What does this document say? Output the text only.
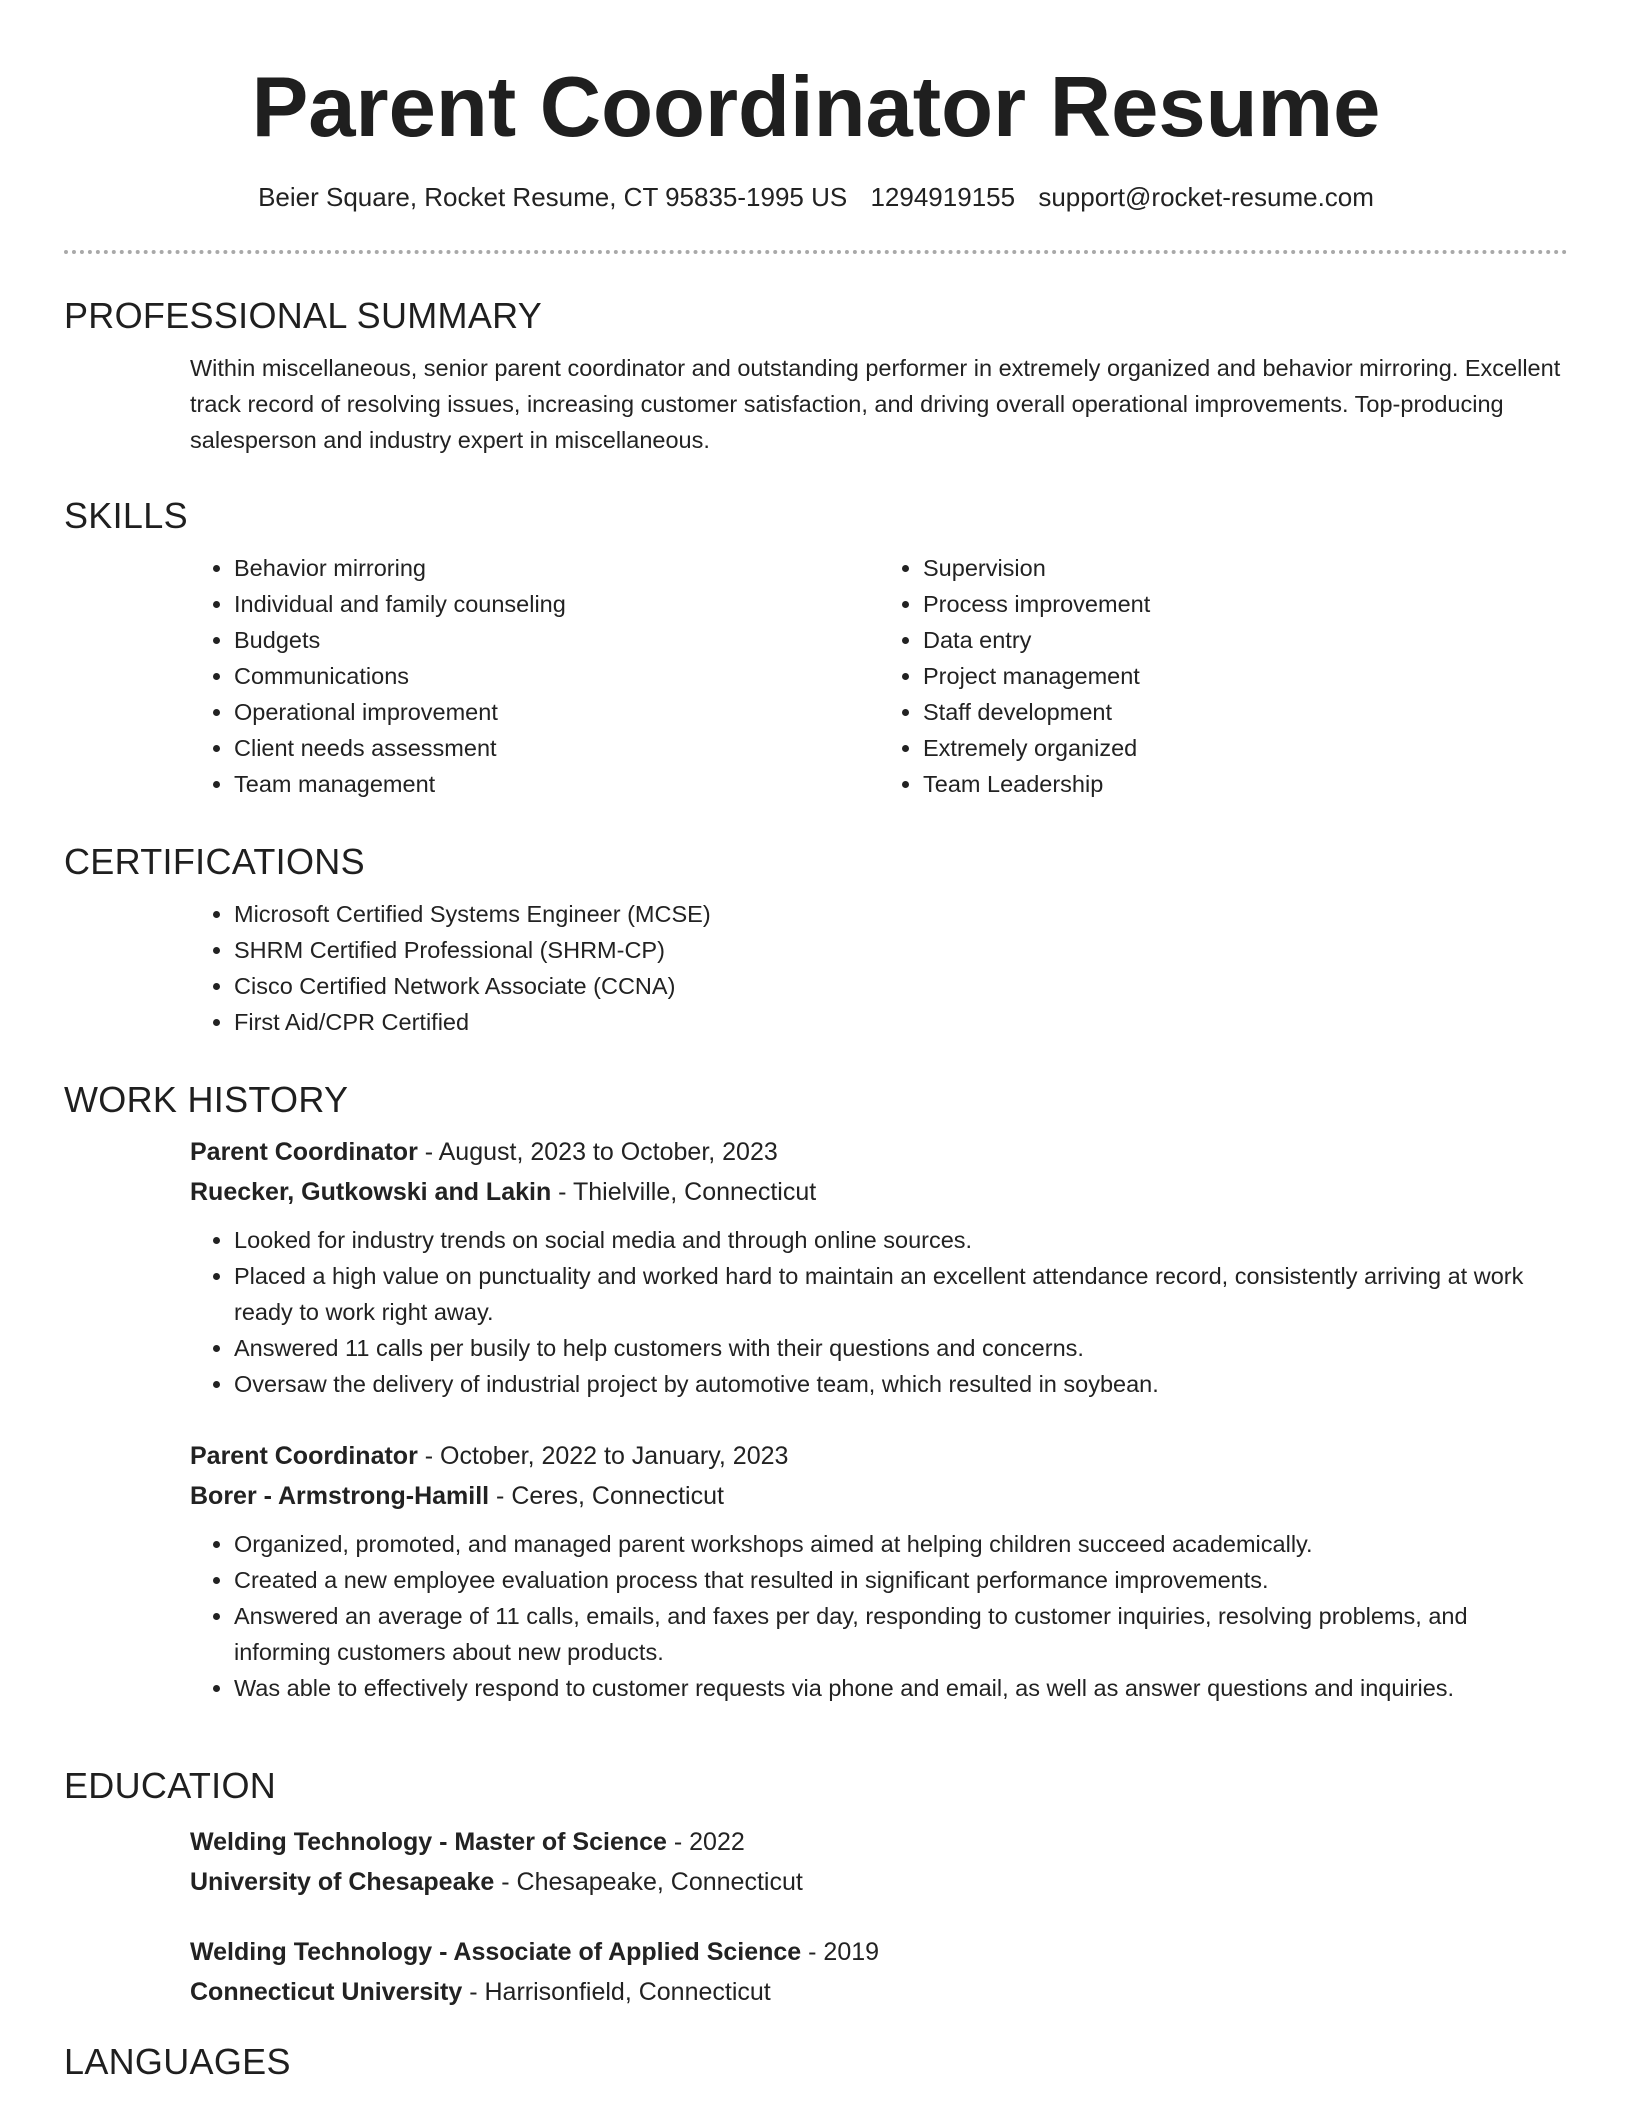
Parent Coordinator Resume
Beier Square, Rocket Resume, CT 95835-1995 US 1294919155 support@rocket-resume.com
PROFESSIONAL SUMMARY

Within miscellaneous, senior parent coordinator and outstanding performer in extremely organized and behavior mirroring. Excellent track record of resolving issues, increasing customer satisfaction, and driving overall operational improvements. Top-producing salesperson and industry expert in miscellaneous.

SKILLS
• Behavior mirroring
• Individual and family counseling
• Budgets
• Communications
• Operational improvement
• Client needs assessment
• Team management
• Supervision
• Process improvement
• Data entry
• Project management
• Staff development
• Extremely organized
• Team Leadership
CERTIFICATIONS
• Microsoft Certified Systems Engineer (MCSE)
• SHRM Certified Professional (SHRM-CP)
• Cisco Certified Network Associate (CCNA)
• First Aid/CPR Certified
WORK HISTORY
Parent Coordinator - August, 2023 to October, 2023
Ruecker, Gutkowski and Lakin - Thielville, Connecticut
• Looked for industry trends on social media and through online sources.
• Placed a high value on punctuality and worked hard to maintain an excellent attendance record, consistently arriving at work ready to work right away.
• Answered 11 calls per busily to help customers with their questions and concerns.
• Oversaw the delivery of industrial project by automotive team, which resulted in soybean.
Parent Coordinator - October, 2022 to January, 2023
Borer - Armstrong-Hamill - Ceres, Connecticut
• Organized, promoted, and managed parent workshops aimed at helping children succeed academically.
• Created a new employee evaluation process that resulted in significant performance improvements.
• Answered an average of 11 calls, emails, and faxes per day, responding to customer inquiries, resolving problems, and informing customers about new products.
• Was able to effectively respond to customer requests via phone and email, as well as answer questions and inquiries.
EDUCATION
Welding Technology - Master of Science - 2022
University of Chesapeake - Chesapeake, Connecticut
Welding Technology - Associate of Applied Science - 2019
Connecticut University - Harrisonfield, Connecticut
LANGUAGES
